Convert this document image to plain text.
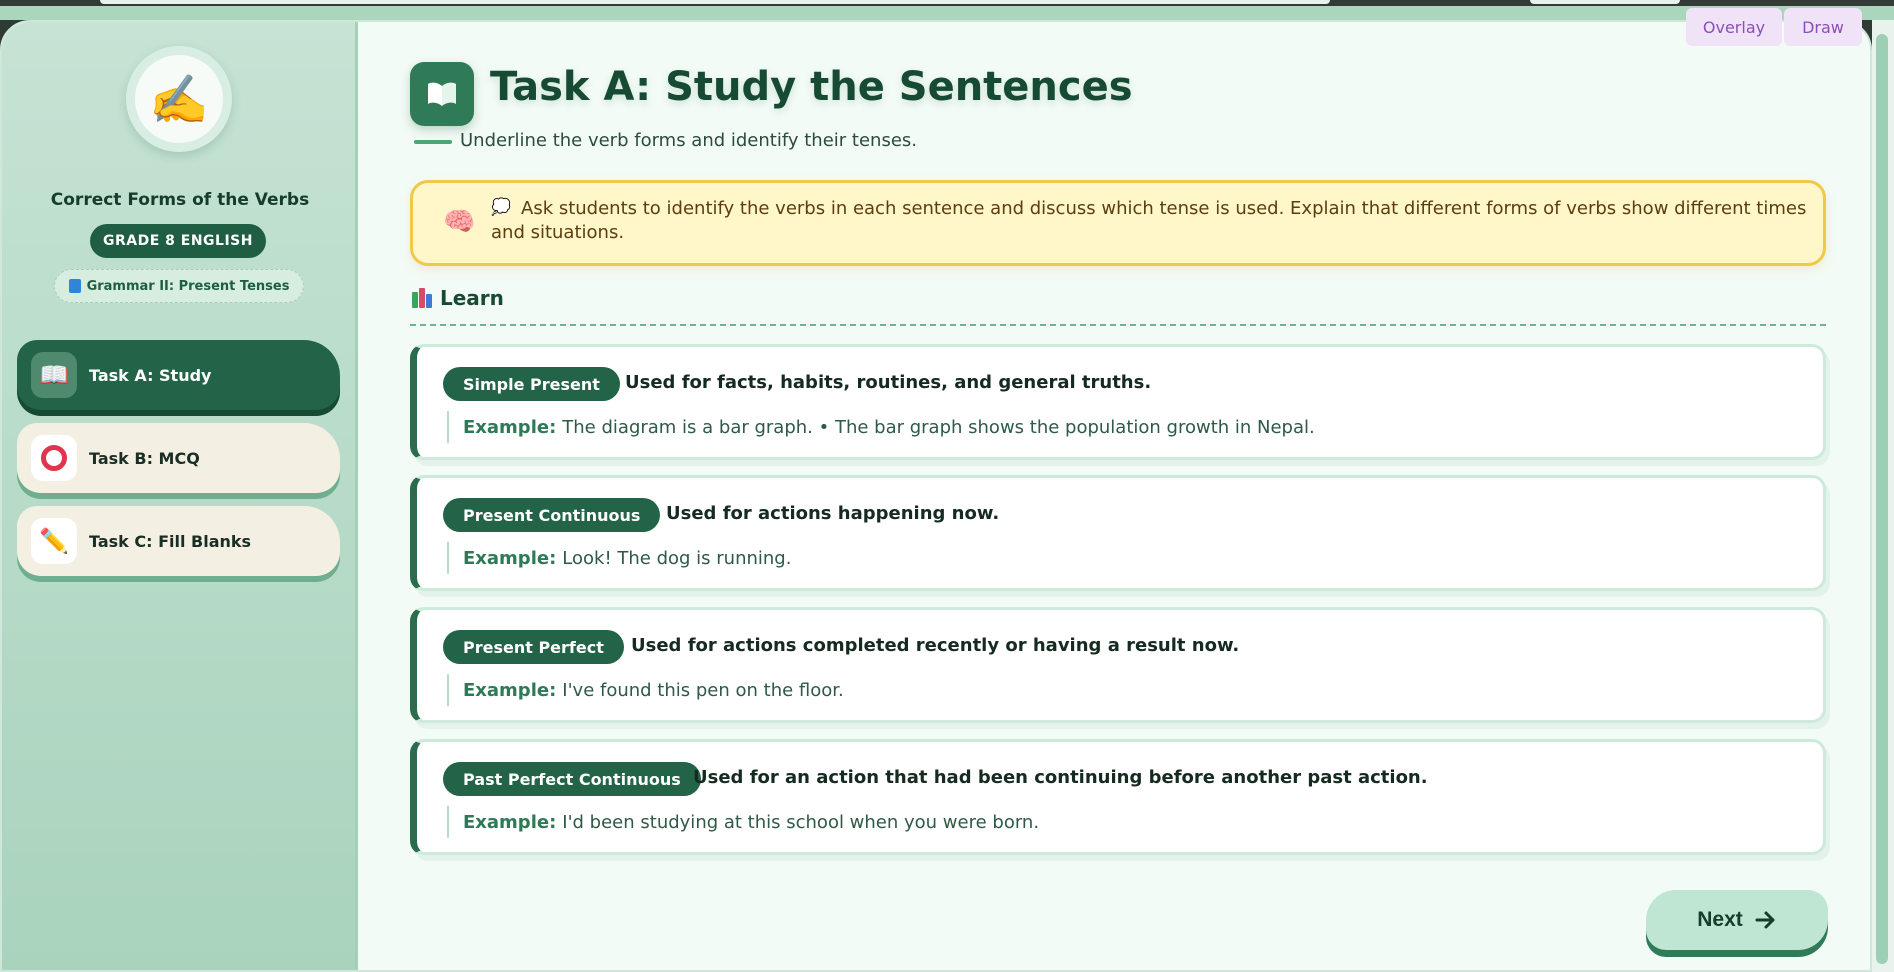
✍️
Correct Forms of the Verbs
GRADE 8 ENGLISH
Grammar II: Present Tenses
📖	Task A: Study
Task B: MCQ
✏️	Task C: Fill Blanks
Task A: Study the Sentences
Underline the verb forms and identify their tenses.
🧠
💭 Ask students to identify the verbs in each sentence and discuss which tense is used. Explain that different forms of verbs show different times and situations.
Learn
Simple Present	Used for facts, habits, routines, and general truths.
Example: The diagram is a bar graph. • The bar graph shows the population growth in Nepal.
Present Continuous	Used for actions happening now.
Example: Look! The dog is running.
Present Perfect	Used for actions completed recently or having a result now.
Example: I've found this pen on the floor.
Past Perfect Continuous Used for an action that had been continuing before another past action.
Example: I'd been studying at this school when you were born.
Next
Overlay	Draw
